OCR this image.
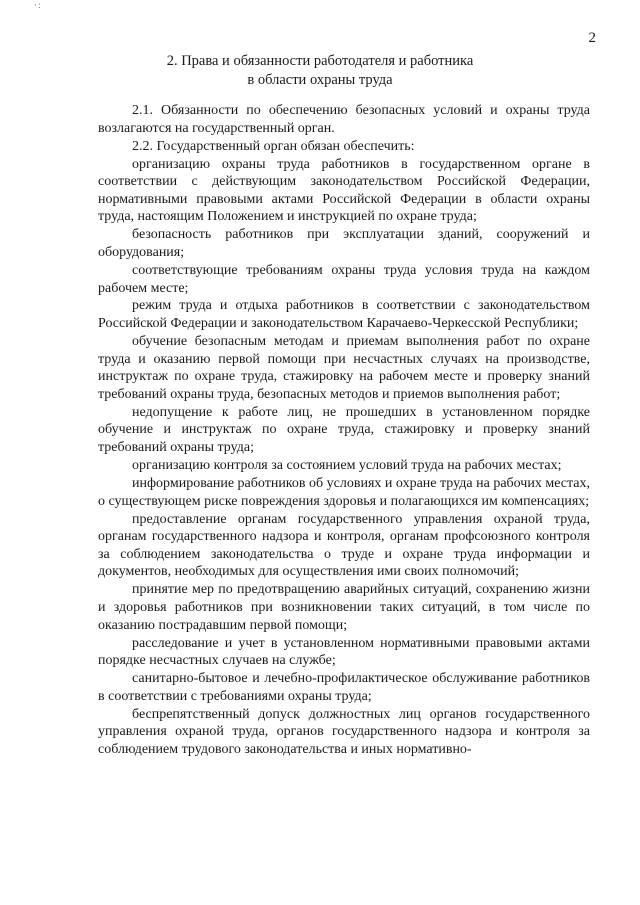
·:
2
2. Права и обязанности работодателя и работника
в области охраны труда

2.1. Обязанности по обеспечению безопасных условий и охраны труда возлагаются на государственный орган.

2.2. Государственный орган обязан обеспечить:

организацию охраны труда работников в государственном органе в соответствии с действующим законодательством Российской Федерации, нормативными правовыми актами Российской Федерации в области охраны труда, настоящим Положением и инструкцией по охране труда;

безопасность работников при эксплуатации зданий, сооружений и оборудования;

соответствующие требованиям охраны труда условия труда на каждом рабочем месте;

режим труда и отдыха работников в соответствии с законодательством Российской Федерации и законодательством Карачаево-Черкесской Республики;

обучение безопасным методам и приемам выполнения работ по охране труда и оказанию первой помощи при несчастных случаях на производстве, инструктаж по охране труда, стажировку на рабочем месте и проверку знаний требований охраны труда, безопасных методов и приемов выполнения работ;

недопущение к работе лиц, не прошедших в установленном порядке обучение и инструктаж по охране труда, стажировку и проверку знаний требований охраны труда;

организацию контроля за состоянием условий труда на рабочих местах;

информирование работников об условиях и охране труда на рабочих местах, о существующем риске повреждения здоровья и полагающихся им компенсациях;

предоставление органам государственного управления охраной труда, органам государственного надзора и контроля, органам профсоюзного контроля за соблюдением законодательства о труде и охране труда информации и документов, необходимых для осуществления ими своих полномочий;

принятие мер по предотвращению аварийных ситуаций, сохранению жизни и здоровья работников при возникновении таких ситуаций, в том числе по оказанию пострадавшим первой помощи;

расследование и учет в установленном нормативными правовыми актами порядке несчастных случаев на службе;

санитарно-бытовое и лечебно-профилактическое обслуживание работников в соответствии с требованиями охраны труда;

беспрепятственный допуск должностных лиц органов государственного управления охраной труда, органов государственного надзора и контроля за соблюдением трудового законодательства и иных нормативно-
